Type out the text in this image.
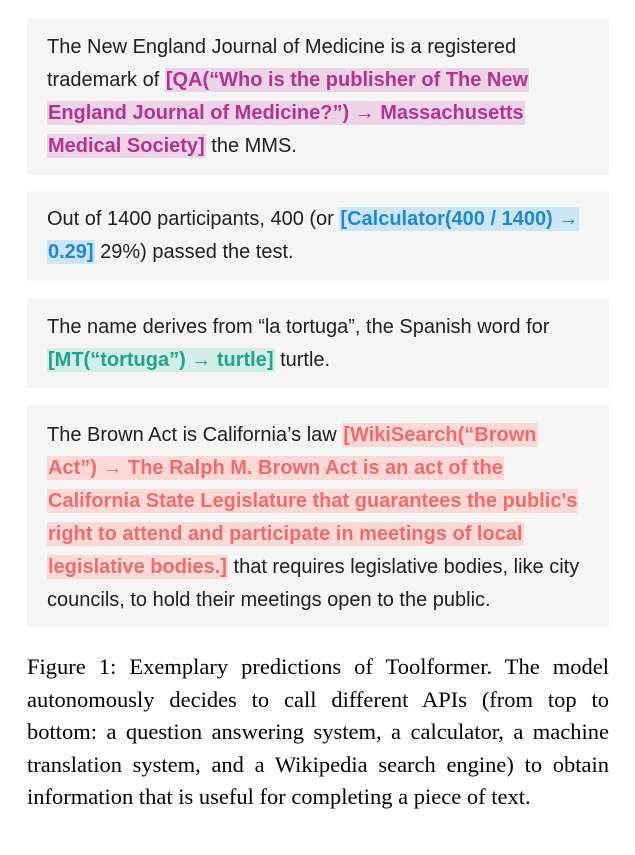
The New England Journal of Medicine is a registered trademark of [QA(“Who is the publisher of The New England Journal of Medicine?”) → Massachusetts Medical Society] the MMS.
Out of 1400 participants, 400 (or [Calculator(400 / 1400) → 0.29] 29%) passed the test.
The name derives from “la tortuga”, the Spanish word for [MT(“tortuga”) → turtle] turtle.
The Brown Act is California’s law [WikiSearch(“Brown Act”) → The Ralph M. Brown Act is an act of the California State Legislature that guarantees the public's right to attend and participate in meetings of local legislative bodies.] that requires legislative bodies, like city councils, to hold their meetings open to the public.

Figure 1: Exemplary predictions of Toolformer. The model autonomously decides to call different APIs (from top to bottom: a question answering system, a calculator, a machine translation system, and a Wikipedia search engine) to obtain information that is useful for completing a piece of text.
